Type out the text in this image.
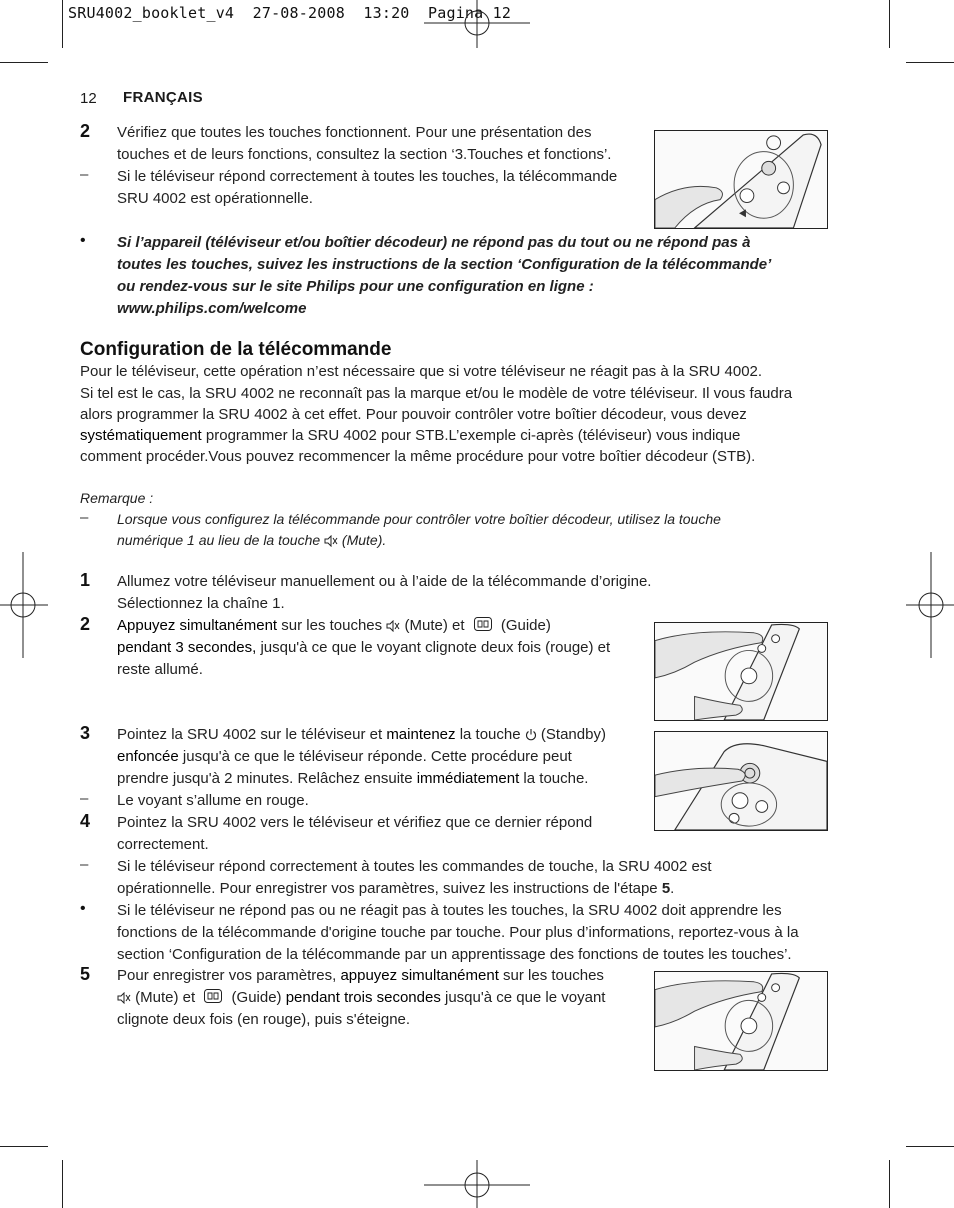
SRU4002_booklet_v4  27-08-2008  13:20  Pagina 12
12 FRANÇAIS
2 Vérifiez que toutes les touches fonctionnent. Pour une présentation des
touches et de leurs fonctions, consultez la section ‘3.Touches et fonctions’.
– Si le téléviseur répond correctement à toutes les touches, la télécommande
SRU 4002 est opérationnelle.
• Si l’appareil (téléviseur et/ou boîtier décodeur) ne répond pas du tout ou ne répond pas à
toutes les touches, suivez les instructions de la section ‘Configuration de la télécommande’
ou rendez-vous sur le site Philips pour une configuration en ligne :
www.philips.com/welcome
Configuration de la télécommande
Pour le téléviseur, cette opération n’est nécessaire que si votre téléviseur ne réagit pas à la SRU 4002.
Si tel est le cas, la SRU 4002 ne reconnaît pas la marque et/ou le modèle de votre téléviseur. Il vous faudra
alors programmer la SRU 4002 à cet effet. Pour pouvoir contrôler votre boîtier décodeur, vous devez
systématiquement programmer la SRU 4002 pour STB.L’exemple ci-après (téléviseur) vous indique
comment procéder.Vous pouvez recommencer la même procédure pour votre boîtier décodeur (STB).
Remarque :
– Lorsque vous configurez la télécommande pour contrôler votre boîtier décodeur, utilisez la touche
numérique 1 au lieu de la touche  (Mute).
1 Allumez votre téléviseur manuellement ou à l’aide de la télécommande d’origine.
Sélectionnez la chaîne 1.
2 Appuyez simultanément sur les touches  (Mute) et  (Guide)
pendant 3 secondes, jusqu'à ce que le voyant clignote deux fois (rouge) et
reste allumé.
3 Pointez la SRU 4002 sur le téléviseur et maintenez la touche  (Standby)
enfoncée jusqu'à ce que le téléviseur réponde. Cette procédure peut
prendre jusqu'à 2 minutes. Relâchez ensuite immédiatement la touche.
– Le voyant s’allume en rouge.
4 Pointez la SRU 4002 vers le téléviseur et vérifiez que ce dernier répond
correctement.
– Si le téléviseur répond correctement à toutes les commandes de touche, la SRU 4002 est
opérationnelle. Pour enregistrer vos paramètres, suivez les instructions de l'étape 5.
• Si le téléviseur ne répond pas ou ne réagit pas à toutes les touches, la SRU 4002 doit apprendre les
fonctions de la télécommande d'origine touche par touche. Pour plus d’informations, reportez-vous à la
section ‘Configuration de la télécommande par un apprentissage des fonctions de toutes les touches’.
5 Pour enregistrer vos paramètres, appuyez simultanément sur les touches
(Mute) et  (Guide) pendant trois secondes jusqu'à ce que le voyant
clignote deux fois (en rouge), puis s'éteigne.
